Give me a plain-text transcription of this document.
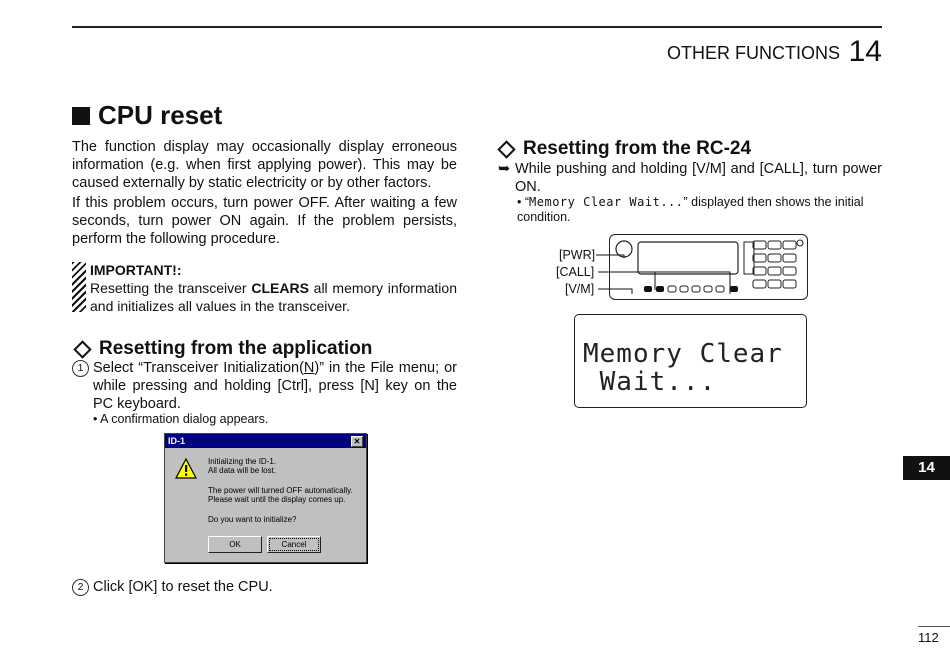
OTHER FUNCTIONS 14
CPU reset
The function display may occasionally display erroneous information (e.g. when first applying power). This may be caused externally by static electricity or by other factors.
If this problem occurs, turn power OFF. After waiting a few seconds, turn power ON again. If the problem persists, perform the following procedure.
IMPORTANT!:
Resetting the transceiver CLEARS all memory information and initializes all values in the transceiver.
Resetting from the application
1 Select “Transceiver Initialization(N)” in the File menu; or while pressing and holding [Ctrl], press [N] key on the PC keyboard.
• A confirmation dialog appears.
ID-1	✕
Initializing the ID-1.
All data will be lost.
The power will turned OFF automatically.
Please wait until the display comes up.
Do you want to initialize?
OK	Cancel
2 Click [OK] to reset the CPU.
Resetting from the RC-24
➥ While pushing and holding [V/M] and [CALL], turn power ON.
• “Memory Clear Wait...” displayed then shows the initial condition.
[PWR]
[CALL]
[V/M]
Memory Clear
Wait...
14
112
